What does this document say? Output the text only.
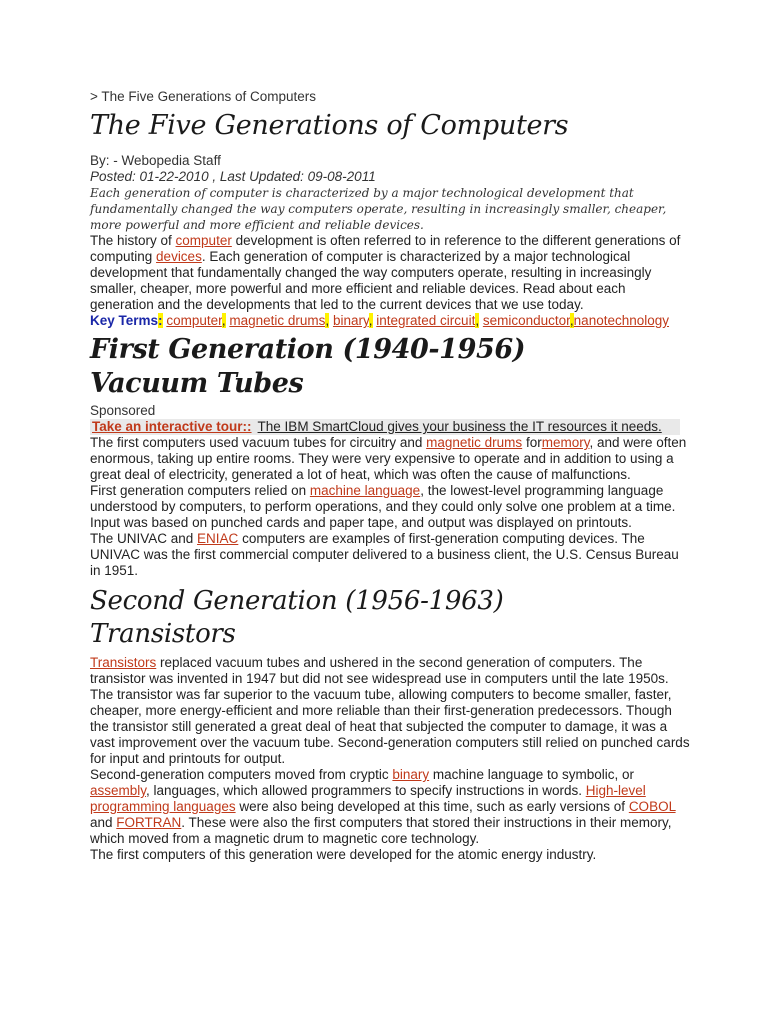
> The Five Generations of Computers
The Five Generations of Computers
By: - Webopedia Staff
Posted: 01-22-2010 , Last Updated: 09-08-2011

Each generation of computer is characterized by a major technological development that fundamentally changed the way computers operate, resulting in increasingly smaller, cheaper, more powerful and more efficient and reliable devices.

The history of computer development is often referred to in reference to the different generations of computing devices. Each generation of computer is characterized by a major technological development that fundamentally changed the way computers operate, resulting in increasingly smaller, cheaper, more powerful and more efficient and reliable devices. Read about each generation and the developments that led to the current devices that we use today.

Key Terms: computer, magnetic drums, binary, integrated circuit, semiconductor,nanotechnology

First Generation (1940-1956)
Vacuum Tubes
Sponsored
Take an interactive tour:: The IBM SmartCloud gives your business the IT resources it needs.

The first computers used vacuum tubes for circuitry and magnetic drums formemory, and were often enormous, taking up entire rooms. They were very expensive to operate and in addition to using a great deal of electricity, generated a lot of heat, which was often the cause of malfunctions.

First generation computers relied on machine language, the lowest-level programming language understood by computers, to perform operations, and they could only solve one problem at a time. Input was based on punched cards and paper tape, and output was displayed on printouts.

The UNIVAC and ENIAC computers are examples of first-generation computing devices. The UNIVAC was the first commercial computer delivered to a business client, the U.S. Census Bureau in 1951.

Second Generation (1956-1963)
Transistors

Transistors replaced vacuum tubes and ushered in the second generation of computers. The transistor was invented in 1947 but did not see widespread use in computers until the late 1950s. The transistor was far superior to the vacuum tube, allowing computers to become smaller, faster, cheaper, more energy-efficient and more reliable than their first-generation predecessors. Though the transistor still generated a great deal of heat that subjected the computer to damage, it was a vast improvement over the vacuum tube. Second-generation computers still relied on punched cards for input and printouts for output.

Second-generation computers moved from cryptic binary machine language to symbolic, or assembly, languages, which allowed programmers to specify instructions in words. High-level programming languages were also being developed at this time, such as early versions of COBOL and FORTRAN. These were also the first computers that stored their instructions in their memory, which moved from a magnetic drum to magnetic core technology.

The first computers of this generation were developed for the atomic energy industry.
